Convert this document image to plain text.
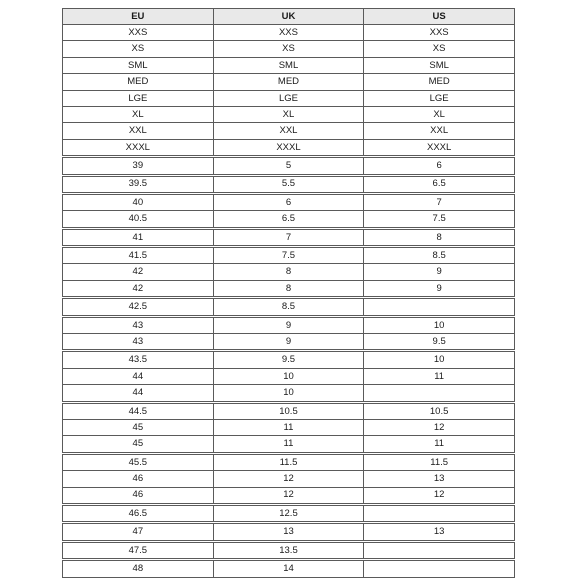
EU	UK	US
XXS	XXS	XXS
XS	XS	XS
SML	SML	SML
MED	MED	MED
LGE	LGE	LGE
XL	XL	XL
XXL	XXL	XXL
XXXL	XXXL	XXXL
39	5	6
39.5	5.5	6.5
40	6	7
40.5	6.5	7.5
41	7	8
41.5	7.5	8.5
42	8	9
42	8	9
42.5	8.5	
43	9	10
43	9	9.5
43.5	9.5	10
44	10	11
44	10	
44.5	10.5	10.5
45	11	12
45	11	11
45.5	11.5	11.5
46	12	13
46	12	12
46.5	12.5	
47	13	13
47.5	13.5	
48	14	
